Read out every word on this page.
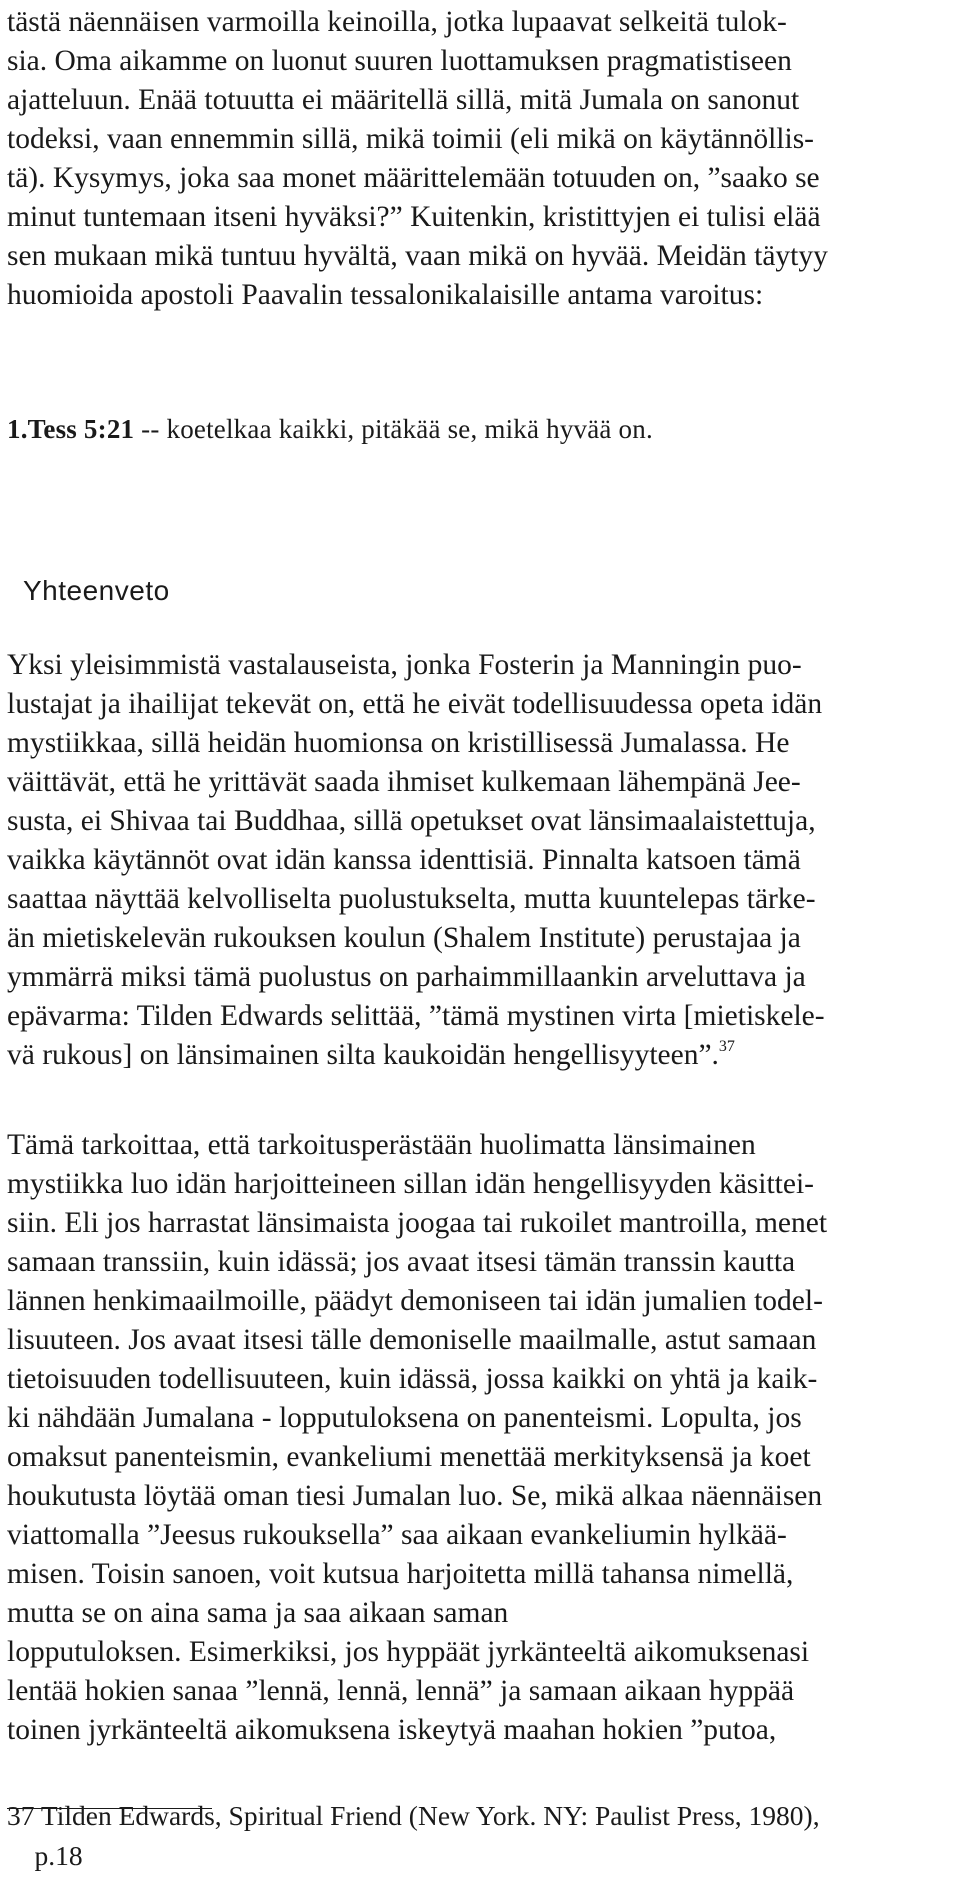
tästä näennäisen varmoilla keinoilla, jotka lupaavat selkeitä tulok-
sia. Oma aikamme on luonut suuren luottamuksen pragmatistiseen
ajatteluun. Enää totuutta ei määritellä sillä, mitä Jumala on sanonut
todeksi, vaan ennemmin sillä, mikä toimii (eli mikä on käytännöllis-
tä). Kysymys, joka saa monet määrittelemään totuuden on, ”saako se
minut tuntemaan itseni hyväksi?” Kuitenkin, kristittyjen ei tulisi elää
sen mukaan mikä tuntuu hyvältä, vaan mikä on hyvää. Meidän täytyy
huomioida apostoli Paavalin tessalonikalaisille antama varoitus:
1.Tess 5:21 -- koetelkaa kaikki, pitäkää se, mikä hyvää on.
Yhteenveto
Yksi yleisimmistä vastalauseista, jonka Fosterin ja Manningin puo-
lustajat ja ihailijat tekevät on, että he eivät todellisuudessa opeta idän
mystiikkaa, sillä heidän huomionsa on kristillisessä Jumalassa. He
väittävät, että he yrittävät saada ihmiset kulkemaan lähempänä Jee-
susta, ei Shivaa tai Buddhaa, sillä opetukset ovat länsimaalaistettuja,
vaikka käytännöt ovat idän kanssa identtisiä. Pinnalta katsoen tämä
saattaa näyttää kelvolliselta puolustukselta, mutta kuuntelepas tärke-
än mietiskelevän rukouksen koulun (Shalem Institute) perustajaa ja
ymmärrä miksi tämä puolustus on parhaimmillaankin arveluttava ja
epävarma: Tilden Edwards selittää, ”tämä mystinen virta [mietiskele-
vä rukous] on länsimainen silta kaukoidän hengellisyyteen”.$^{37}$
Tämä tarkoittaa, että tarkoitusperästään huolimatta länsimainen
mystiikka luo idän harjoitteineen sillan idän hengellisyyden käsittei-
siin. Eli jos harrastat länsimaista joogaa tai rukoilet mantroilla, menet
samaan transsiin, kuin idässä; jos avaat itsesi tämän transsin kautta
lännen henkimaailmoille, päädyt demoniseen tai idän jumalien todel-
lisuuteen. Jos avaat itsesi tälle demoniselle maailmalle, astut samaan
tietoisuuden todellisuuteen, kuin idässä, jossa kaikki on yhtä ja kaik-
ki nähdään Jumalana - lopputuloksena on panenteismi. Lopulta, jos
omaksut panenteismin, evankeliumi menettää merkityksensä ja koet
houkutusta löytää oman tiesi Jumalan luo. Se, mikä alkaa näennäisen
viattomalla ”Jeesus rukouksella” saa aikaan evankeliumin hylkää-
misen. Toisin sanoen, voit kutsua harjoitetta millä tahansa nimellä,
mutta se on aina sama ja saa aikaan saman
lopputuloksen. Esimerkiksi, jos hyppäät jyrkänteeltä aikomuksenasi
lentää hokien sanaa ”lennä, lennä, lennä” ja samaan aikaan hyppää
toinen jyrkänteeltä aikomuksena iskeytyä maahan hokien ”putoa,
37 Tilden Edwards, Spiritual Friend (New York. NY: Paulist Press, 1980),
p.18
